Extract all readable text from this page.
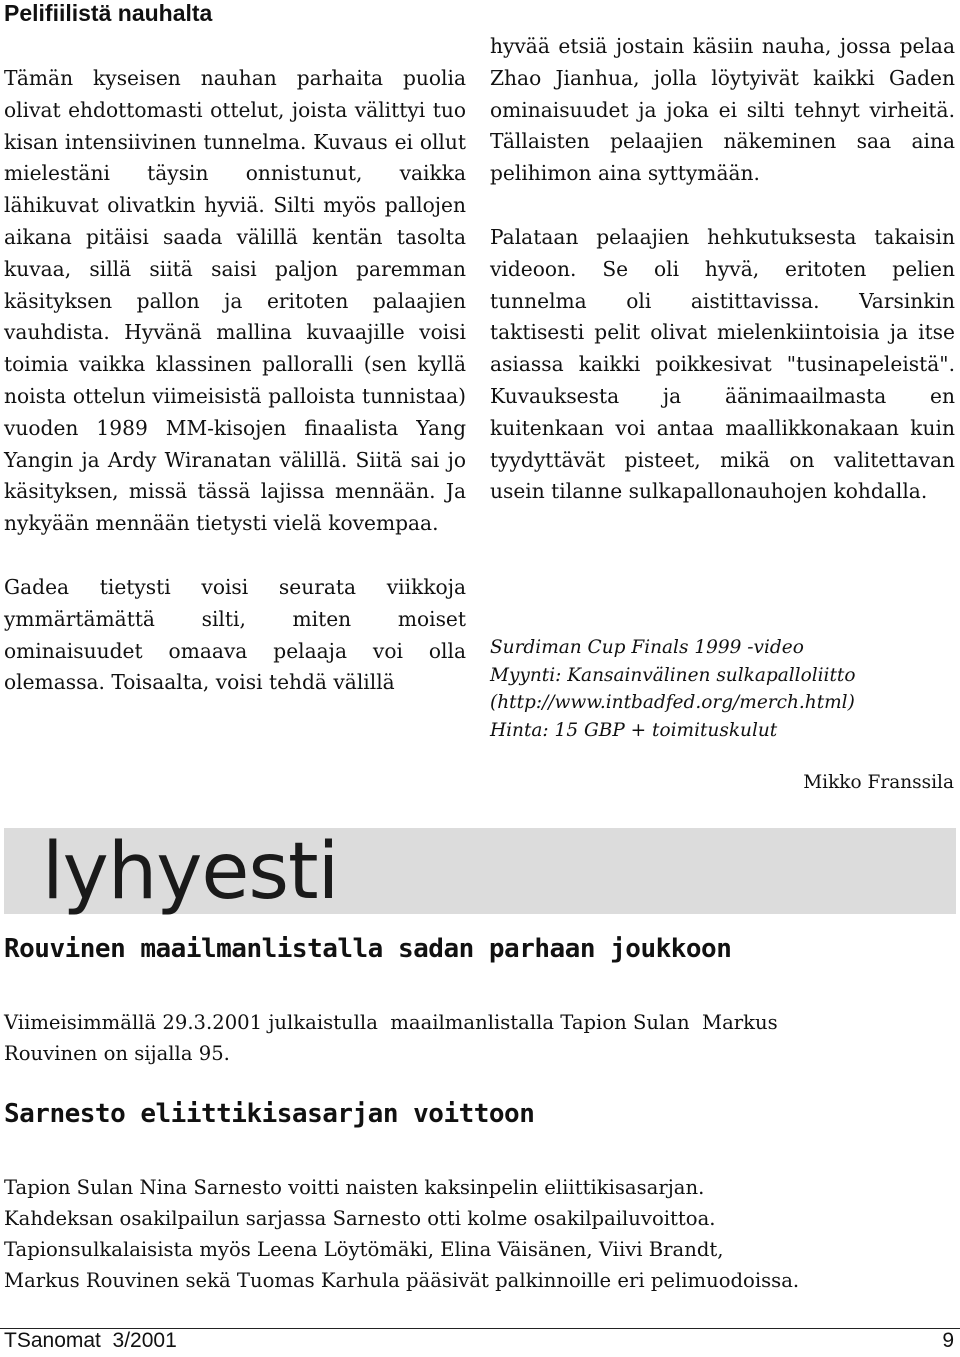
Pelifiilistä nauhalta

Tämän kyseisen nauhan parhaita puolia olivat ehdottomasti ottelut, joista välittyi tuo kisan intensiivinen tunnelma. Kuvaus ei ollut mielestäni täysin onnistunut, vaikka lähikuvat olivatkin hyviä. Silti myös pallojen aikana pitäisi saada välillä kentän tasolta kuvaa, sillä siitä saisi paljon paremman käsityksen pallon ja eritoten palaajien vauhdista. Hyvänä mallina kuvaajille voisi toimia vaikka klassinen palloralli (sen kyllä noista ottelun viimeisistä palloista tunnistaa) vuoden 1989 MM-kisojen finaalista Yang Yangin ja Ardy Wiranatan välillä. Siitä sai jo käsityksen, missä tässä lajissa mennään. Ja nykyään mennään tietysti vielä kovempaa.

Gadea tietysti voisi seurata viikkoja ymmärtämättä silti, miten moiset ominaisuudet omaava pelaaja voi olla olemassa. Toisaalta, voisi tehdä välillä

hyvää etsiä jostain käsiin nauha, jossa pelaa Zhao Jianhua, jolla löytyivät kaikki Gaden ominaisuudet ja joka ei silti tehnyt virheitä. Tällaisten pelaajien näkeminen saa aina pelihimon aina syttymään.

Palataan pelaajien hehkutuksesta takaisin videoon. Se oli hyvä, eritoten pelien tunnelma oli aistittavissa. Varsinkin taktisesti pelit olivat mielenkiintoisia ja itse asiassa kaikki poikkesivat "tusinapeleistä". Kuvauksesta ja äänimaailmasta en kuitenkaan voi antaa maallikkonakaan kuin tyydyttävät pisteet, mikä on valitettavan usein tilanne sulkapallonauhojen kohdalla.

Surdiman Cup Finals 1999 -video
Myynti: Kansainvälinen sulkapalloliitto
(http://www.intbadfed.org/merch.html)
Hinta: 15 GBP + toimituskulut
Mikko Franssila
lyhyesti
Rouvinen maailmanlistalla sadan parhaan joukkoon
Viimeisimmällä 29.3.2001 julkaistulla  maailmanlistalla Tapion Sulan  Markus
Rouvinen on sijalla 95.
Sarnesto eliittikisasarjan voittoon
Tapion Sulan Nina Sarnesto voitti naisten kaksinpelin eliittikisasarjan.
Kahdeksan osakilpailun sarjassa Sarnesto otti kolme osakilpailuvoittoa.
Tapionsulkalaisista myös Leena Löytömäki, Elina Väisänen, Viivi Brandt,
Markus Rouvinen sekä Tuomas Karhula pääsivät palkinnoille eri pelimuodoissa.
TSanomat  3/2001	9
